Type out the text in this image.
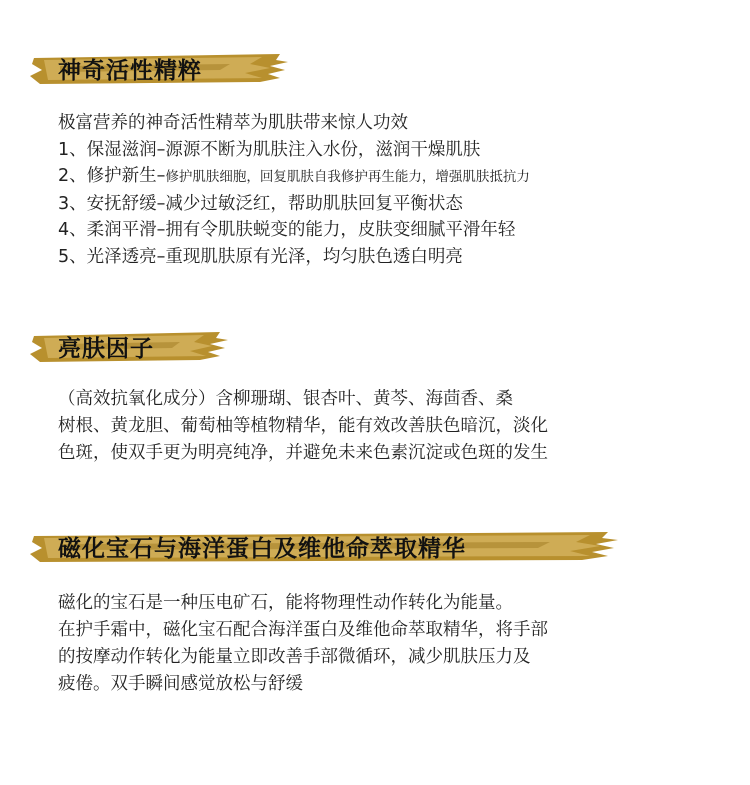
神奇活性精粹

极富营养的神奇活性精萃为肌肤带来惊人功效

1、保湿滋润–源源不断为肌肤注入水份，滋润干燥肌肤

2、修护新生–修护肌肤细胞，回复肌肤自我修护再生能力，增强肌肤抵抗力

3、安抚舒缓–减少过敏泛红，帮助肌肤回复平衡状态

4、柔润平滑–拥有令肌肤蜕变的能力，皮肤变细腻平滑年轻

5、光泽透亮–重现肌肤原有光泽，均匀肤色透白明亮

亮肤因子

（高效抗氧化成分）含柳珊瑚、银杏叶、黄芩、海茴香、桑

树根、黄龙胆、葡萄柚等植物精华，能有效改善肤色暗沉，淡化

色斑，使双手更为明亮纯净，并避免未来色素沉淀或色斑的发生

磁化宝石与海洋蛋白及维他命萃取精华

磁化的宝石是一种压电矿石，能将物理性动作转化为能量。

在护手霜中，磁化宝石配合海洋蛋白及维他命萃取精华，将手部

的按摩动作转化为能量立即改善手部微循环，减少肌肤压力及

疲倦。双手瞬间感觉放松与舒缓
